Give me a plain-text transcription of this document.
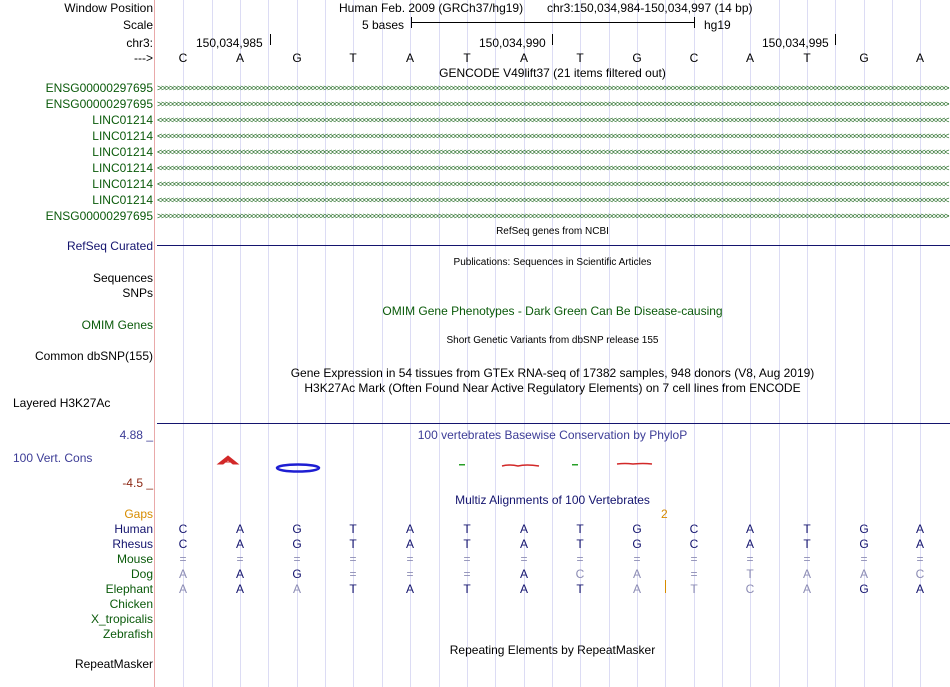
Window Position	Human Feb. 2009 (GRCh37/hg19) chr3:150,034,984-150,034,997 (14 bp)
Scale	5 bases	hg19
chr3:	150,034,985	150,034,990	150,034,995
---> C	A	G	T	A	T	A	T	G	C	A	T	G	A
GENCODE V49lift37 (21 items filtered out)
ENSG00000297695 >>>>>>>>>>>>>>>>>>>>>>>>>>>>>>>>>>>>>>>>>>>>>>>>>>>>>>>>>>>>>>>>>>>>>>>>>>>>>>>>>>>>>>>>>>>>>>>>>>>>>>>>>>>>>>>>>>>>>>>>>>>>>>>>>>>>>>>>>>>>>>>>>>>>>>>>>>>>>>>>>>>>>>>>>>>>>>>>>>>>>>>>>>>>>>>>>>>>>>>>
ENSG00000297695 >>>>>>>>>>>>>>>>>>>>>>>>>>>>>>>>>>>>>>>>>>>>>>>>>>>>>>>>>>>>>>>>>>>>>>>>>>>>>>>>>>>>>>>>>>>>>>>>>>>>>>>>>>>>>>>>>>>>>>>>>>>>>>>>>>>>>>>>>>>>>>>>>>>>>>>>>>>>>>>>>>>>>>>>>>>>>>>>>>>>>>>>>>>>>>>>>>>>>>>>
LINC01214 <<<<<<<<<<<<<<<<<<<<<<<<<<<<<<<<<<<<<<<<<<<<<<<<<<<<<<<<<<<<<<<<<<<<<<<<<<<<<<<<<<<<<<<<<<<<<<<<<<<<<<<<<<<<<<<<<<<<<<<<<<<<<<<<<<<<<<<<<<<<<<<<<<<<<<<<<<<<<<<<<<<<<<<<<<<<<<<<<<<<<<<<<<<<<<<<<<<<<<<<
LINC01214 <<<<<<<<<<<<<<<<<<<<<<<<<<<<<<<<<<<<<<<<<<<<<<<<<<<<<<<<<<<<<<<<<<<<<<<<<<<<<<<<<<<<<<<<<<<<<<<<<<<<<<<<<<<<<<<<<<<<<<<<<<<<<<<<<<<<<<<<<<<<<<<<<<<<<<<<<<<<<<<<<<<<<<<<<<<<<<<<<<<<<<<<<<<<<<<<<<<<<<<<
LINC01214 <<<<<<<<<<<<<<<<<<<<<<<<<<<<<<<<<<<<<<<<<<<<<<<<<<<<<<<<<<<<<<<<<<<<<<<<<<<<<<<<<<<<<<<<<<<<<<<<<<<<<<<<<<<<<<<<<<<<<<<<<<<<<<<<<<<<<<<<<<<<<<<<<<<<<<<<<<<<<<<<<<<<<<<<<<<<<<<<<<<<<<<<<<<<<<<<<<<<<<<<
LINC01214 <<<<<<<<<<<<<<<<<<<<<<<<<<<<<<<<<<<<<<<<<<<<<<<<<<<<<<<<<<<<<<<<<<<<<<<<<<<<<<<<<<<<<<<<<<<<<<<<<<<<<<<<<<<<<<<<<<<<<<<<<<<<<<<<<<<<<<<<<<<<<<<<<<<<<<<<<<<<<<<<<<<<<<<<<<<<<<<<<<<<<<<<<<<<<<<<<<<<<<<<
LINC01214 <<<<<<<<<<<<<<<<<<<<<<<<<<<<<<<<<<<<<<<<<<<<<<<<<<<<<<<<<<<<<<<<<<<<<<<<<<<<<<<<<<<<<<<<<<<<<<<<<<<<<<<<<<<<<<<<<<<<<<<<<<<<<<<<<<<<<<<<<<<<<<<<<<<<<<<<<<<<<<<<<<<<<<<<<<<<<<<<<<<<<<<<<<<<<<<<<<<<<<<<
LINC01214 <<<<<<<<<<<<<<<<<<<<<<<<<<<<<<<<<<<<<<<<<<<<<<<<<<<<<<<<<<<<<<<<<<<<<<<<<<<<<<<<<<<<<<<<<<<<<<<<<<<<<<<<<<<<<<<<<<<<<<<<<<<<<<<<<<<<<<<<<<<<<<<<<<<<<<<<<<<<<<<<<<<<<<<<<<<<<<<<<<<<<<<<<<<<<<<<<<<<<<<<
ENSG00000297695 >>>>>>>>>>>>>>>>>>>>>>>>>>>>>>>>>>>>>>>>>>>>>>>>>>>>>>>>>>>>>>>>>>>>>>>>>>>>>>>>>>>>>>>>>>>>>>>>>>>>>>>>>>>>>>>>>>>>>>>>>>>>>>>>>>>>>>>>>>>>>>>>>>>>>>>>>>>>>>>>>>>>>>>>>>>>>>>>>>>>>>>>>>>>>>>>>>>>>>>>
RefSeq genes from NCBI
RefSeq Curated
Publications: Sequences in Scientific Articles
Sequences
SNPs
OMIM Gene Phenotypes - Dark Green Can Be Disease-causing
OMIM Genes
Short Genetic Variants from dbSNP release 155
Common dbSNP(155)
Gene Expression in 54 tissues from GTEx RNA-seq of 17382 samples, 948 donors (V8, Aug 2019)
H3K27Ac Mark (Often Found Near Active Regulatory Elements) on 7 cell lines from ENCODE
Layered H3K27Ac
100 vertebrates Basewise Conservation by PhyloP
4.88 _
100 Vert. Cons
-4.5 _
Multiz Alignments of 100 Vertebrates
Gaps	2
Human C	A	G	T	A	T	A	T	G	C	A	T	G	A
Rhesus C	A	G	T	A	T	A	T	G	C	A	T	G	A
Mouse =	=	=	=	=	=	=	=	=	=	=	=	=	=
Dog A	A	G	=	=	=	A	C	A	=	T	A	A	C
Elephant A	A	A	T	A	T	A	T	A	T	C	A	G	A
Chicken
X_tropicalis
Zebrafish
Repeating Elements by RepeatMasker
RepeatMasker
